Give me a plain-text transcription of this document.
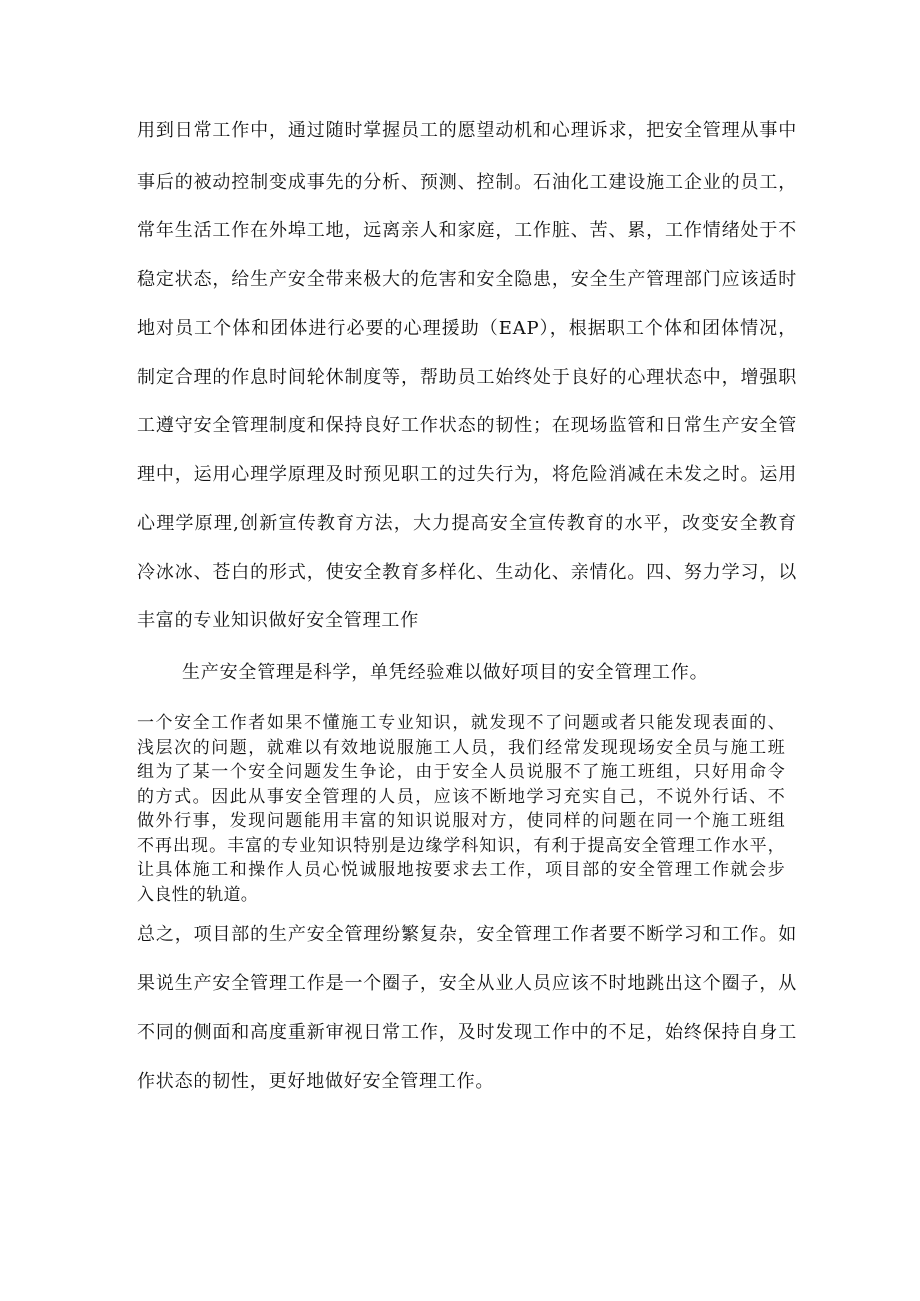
用到日常工作中，通过随时掌握员工的愿望动机和心理诉求，把安全管理从事中
事后的被动控制变成事先的分析、预测、控制。石油化工建设施工企业的员工，
常年生活工作在外埠工地，远离亲人和家庭，工作脏、苦、累，工作情绪处于不
稳定状态，给生产安全带来极大的危害和安全隐患，安全生产管理部门应该适时
地对员工个体和团体进行必要的心理援助（EAP），根据职工个体和团体情况，
制定合理的作息时间轮休制度等，帮助员工始终处于良好的心理状态中，增强职
工遵守安全管理制度和保持良好工作状态的韧性；在现场监管和日常生产安全管
理中，运用心理学原理及时预见职工的过失行为，将危险消减在未发之时。运用
心理学原理,创新宣传教育方法，大力提高安全宣传教育的水平，改变安全教育
冷冰冰、苍白的形式，使安全教育多样化、生动化、亲情化。四、努力学习，以
丰富的专业知识做好安全管理工作
生产安全管理是科学，单凭经验难以做好项目的安全管理工作。
一个安全工作者如果不懂施工专业知识，就发现不了问题或者只能发现表面的、
浅层次的问题，就难以有效地说服施工人员，我们经常发现现场安全员与施工班
组为了某一个安全问题发生争论，由于安全人员说服不了施工班组，只好用命令
的方式。因此从事安全管理的人员，应该不断地学习充实自己，不说外行话、不
做外行事，发现问题能用丰富的知识说服对方，使同样的问题在同一个施工班组
不再出现。丰富的专业知识特别是边缘学科知识，有利于提高安全管理工作水平，
让具体施工和操作人员心悦诚服地按要求去工作，项目部的安全管理工作就会步
入良性的轨道。
总之，项目部的生产安全管理纷繁复杂，安全管理工作者要不断学习和工作。如
果说生产安全管理工作是一个圈子，安全从业人员应该不时地跳出这个圈子，从
不同的侧面和高度重新审视日常工作，及时发现工作中的不足，始终保持自身工
作状态的韧性，更好地做好安全管理工作。
